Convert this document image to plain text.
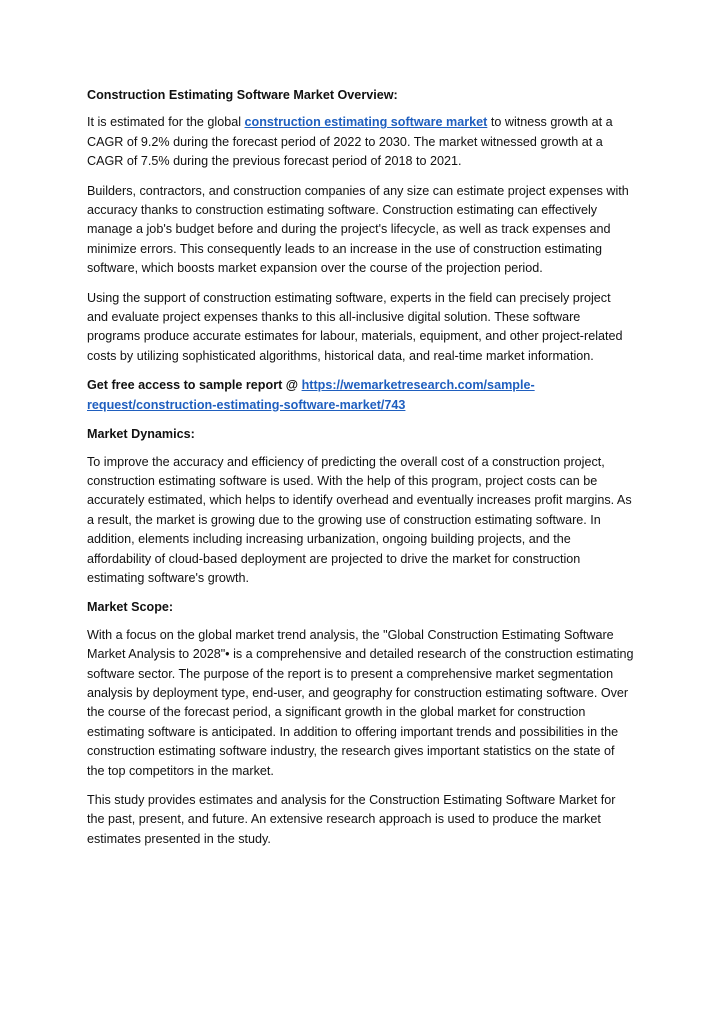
Construction Estimating Software Market Overview:

It is estimated for the global construction estimating software market to witness growth at a CAGR of 9.2% during the forecast period of 2022 to 2030. The market witnessed growth at a CAGR of 7.5% during the previous forecast period of 2018 to 2021.

Builders, contractors, and construction companies of any size can estimate project expenses with accuracy thanks to construction estimating software. Construction estimating can effectively manage a job's budget before and during the project's lifecycle, as well as track expenses and minimize errors. This consequently leads to an increase in the use of construction estimating software, which boosts market expansion over the course of the projection period.

Using the support of construction estimating software, experts in the field can precisely project and evaluate project expenses thanks to this all-inclusive digital solution. These software programs produce accurate estimates for labour, materials, equipment, and other project-related costs by utilizing sophisticated algorithms, historical data, and real-time market information.

Get free access to sample report @ https://wemarketresearch.com/sample-request/construction-estimating-software-market/743

Market Dynamics:

To improve the accuracy and efficiency of predicting the overall cost of a construction project, construction estimating software is used. With the help of this program, project costs can be accurately estimated, which helps to identify overhead and eventually increases profit margins. As a result, the market is growing due to the growing use of construction estimating software. In addition, elements including increasing urbanization, ongoing building projects, and the affordability of cloud-based deployment are projected to drive the market for construction estimating software's growth.

Market Scope:

With a focus on the global market trend analysis, the "Global Construction Estimating Software Market Analysis to 2028"• is a comprehensive and detailed research of the construction estimating software sector. The purpose of the report is to present a comprehensive market segmentation analysis by deployment type, end-user, and geography for construction estimating software. Over the course of the forecast period, a significant growth in the global market for construction estimating software is anticipated. In addition to offering important trends and possibilities in the construction estimating software industry, the research gives important statistics on the state of the top competitors in the market.

This study provides estimates and analysis for the Construction Estimating Software Market for the past, present, and future. An extensive research approach is used to produce the market estimates presented in the study.
